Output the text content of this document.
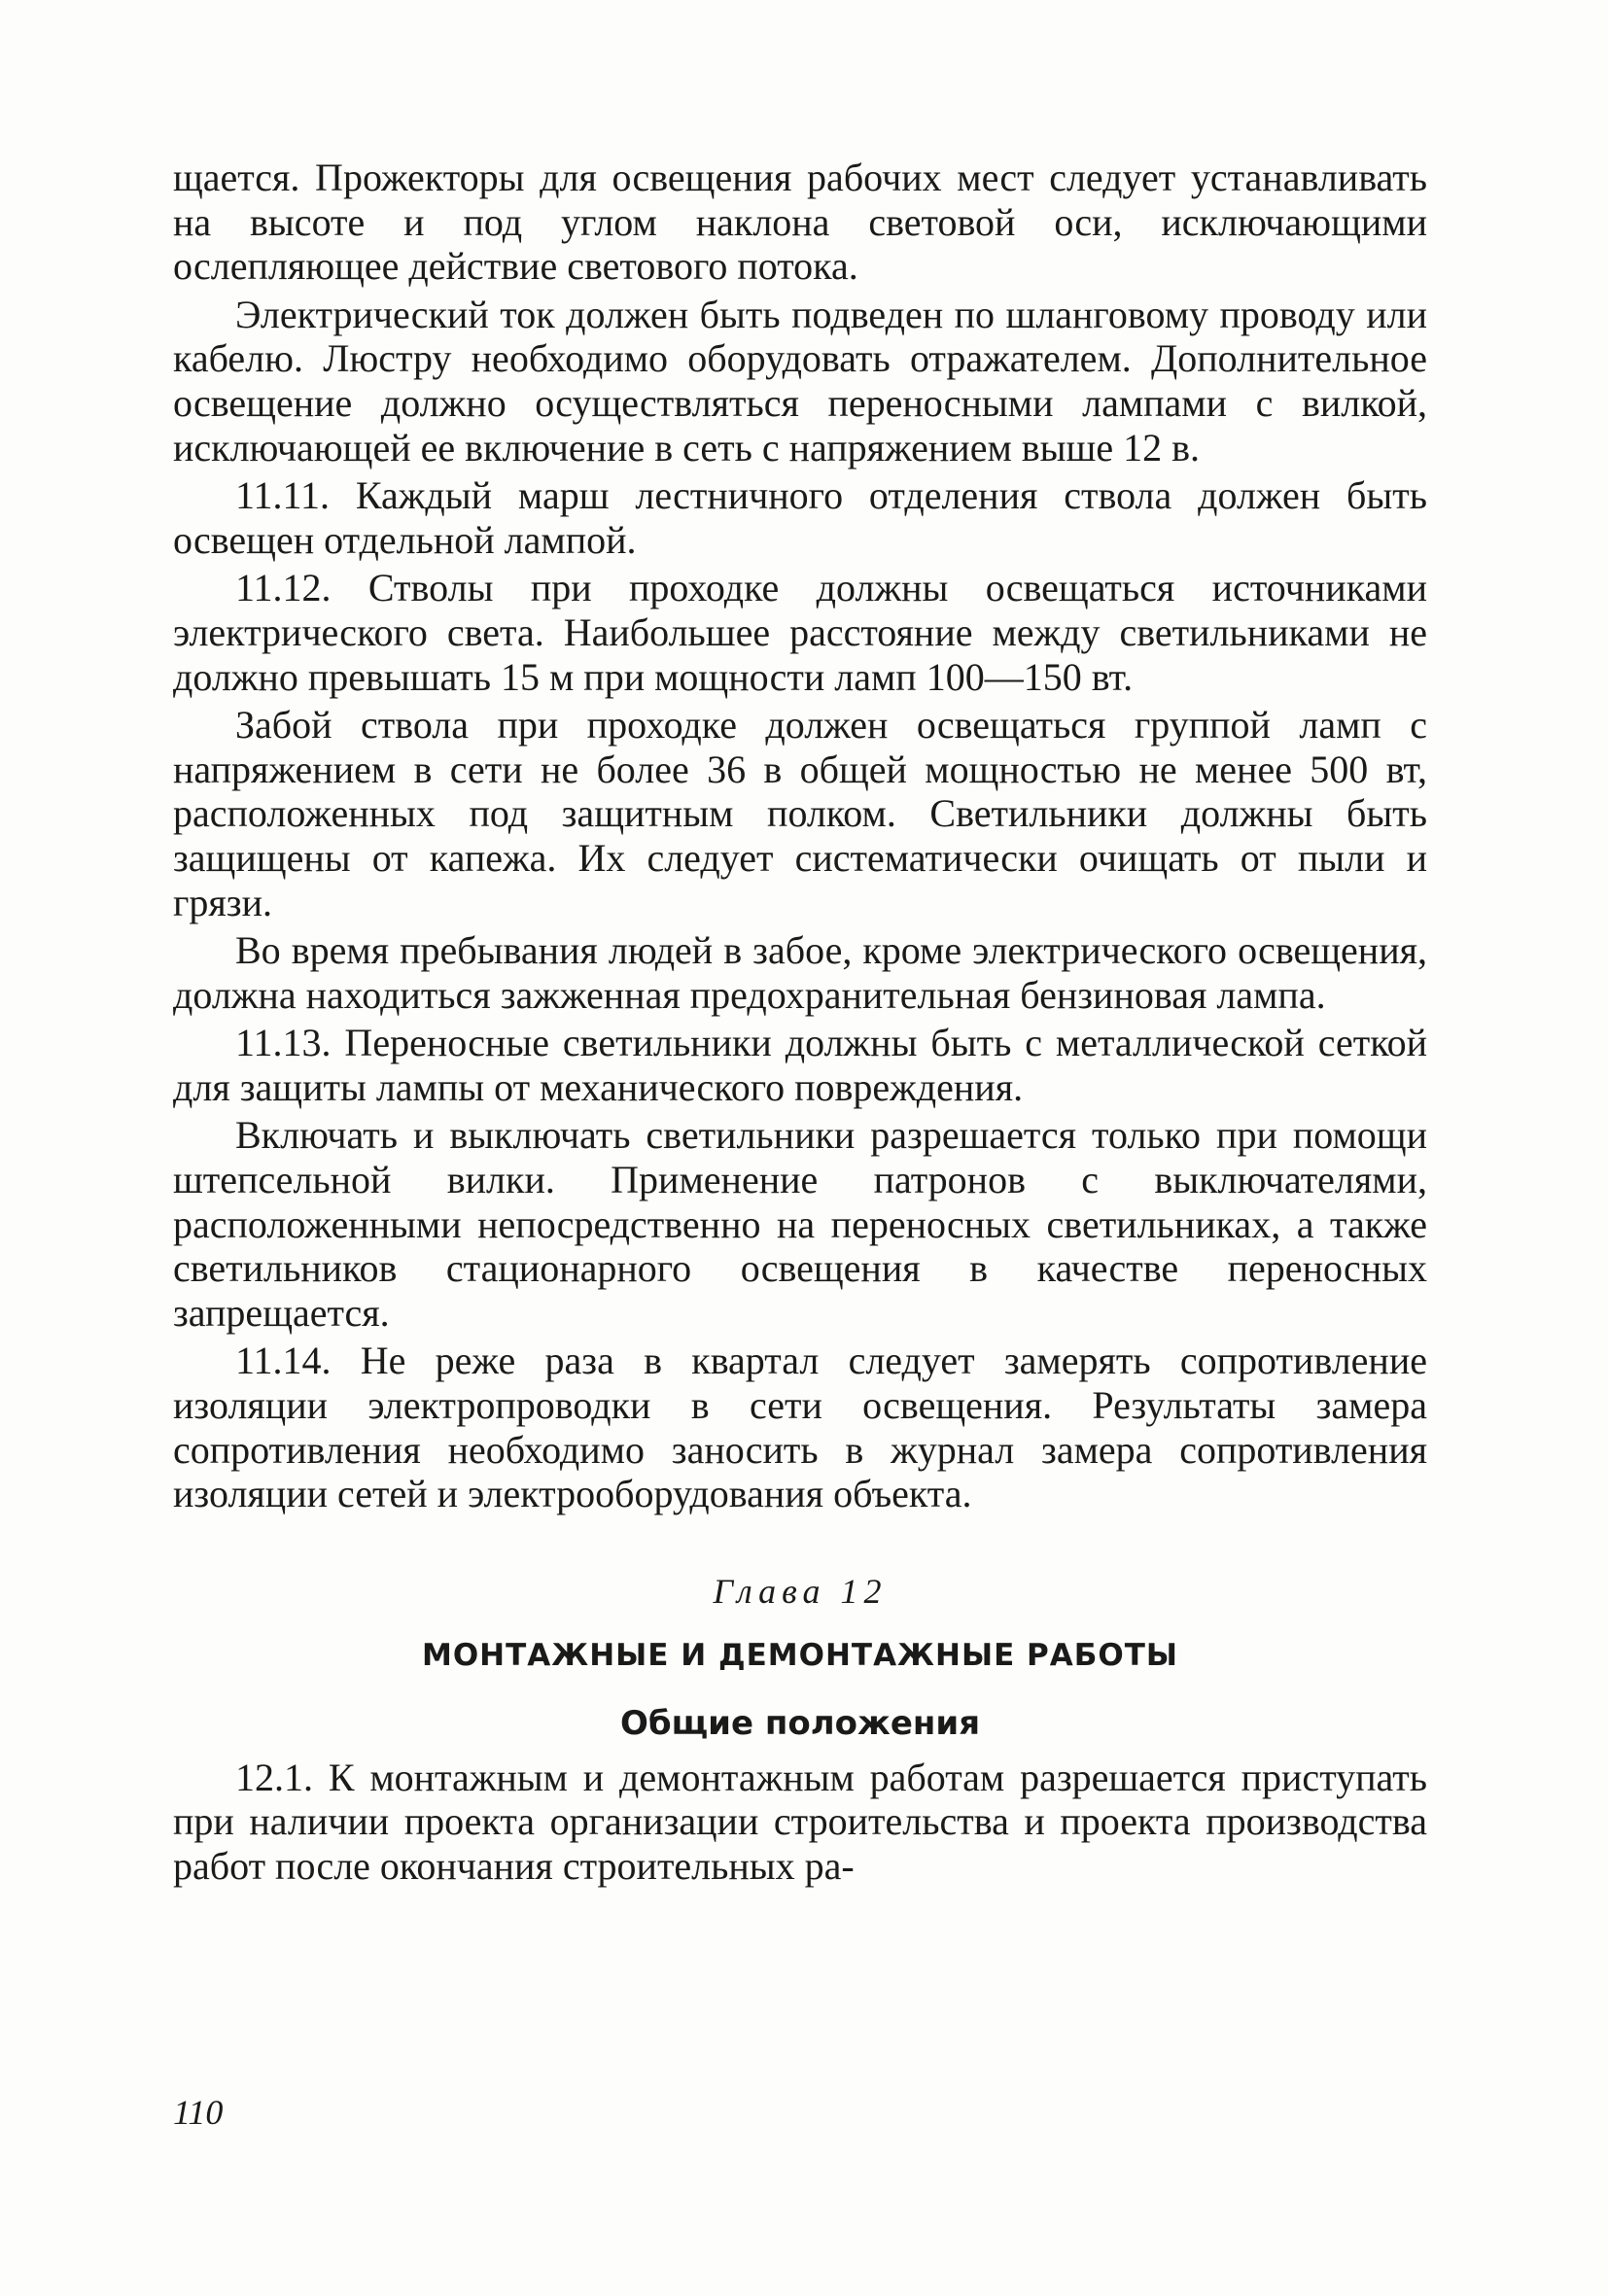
щается. Прожекторы для освещения рабочих мест следует устанавливать на высоте и под углом наклона световой оси, исключающими ослепляющее действие светового потока.

Электрический ток должен быть подведен по шланговому проводу или кабелю. Люстру необходимо оборудовать отражателем. Дополнительное освещение должно осуществляться переносными лампами с вилкой, исключающей ее включение в сеть с напряжением выше 12 в.

11.11. Каждый марш лестничного отделения ствола должен быть освещен отдельной лампой.

11.12. Стволы при проходке должны освещаться источниками электрического света. Наибольшее расстояние между светильниками не должно превышать 15 м при мощности ламп 100—150 вт.

Забой ствола при проходке должен освещаться группой ламп с напряжением в сети не более 36 в общей мощностью не менее 500 вт, расположенных под защитным полком. Светильники должны быть защищены от капежа. Их следует систематически очищать от пыли и грязи.

Во время пребывания людей в забое, кроме электрического освещения, должна находиться зажженная предохранительная бензиновая лампа.

11.13. Переносные светильники должны быть с металлической сеткой для защиты лампы от механического повреждения.

Включать и выключать светильники разрешается только при помощи штепсельной вилки. Применение патронов с выключателями, расположенными непосредственно на переносных светильниках, а также светильников стационарного освещения в качестве переносных запрещается.

11.14. Не реже раза в квартал следует замерять сопротивление изоляции электропроводки в сети освещения. Результаты замера сопротивления необходимо заносить в журнал замера сопротивления изоляции сетей и электрооборудования объекта.

Глава 12
МОНТАЖНЫЕ И ДЕМОНТАЖНЫЕ РАБОТЫ
Общие положения

12.1. К монтажным и демонтажным работам разрешается приступать при наличии проекта организации строительства и проекта производства работ после окончания строительных ра-

110
